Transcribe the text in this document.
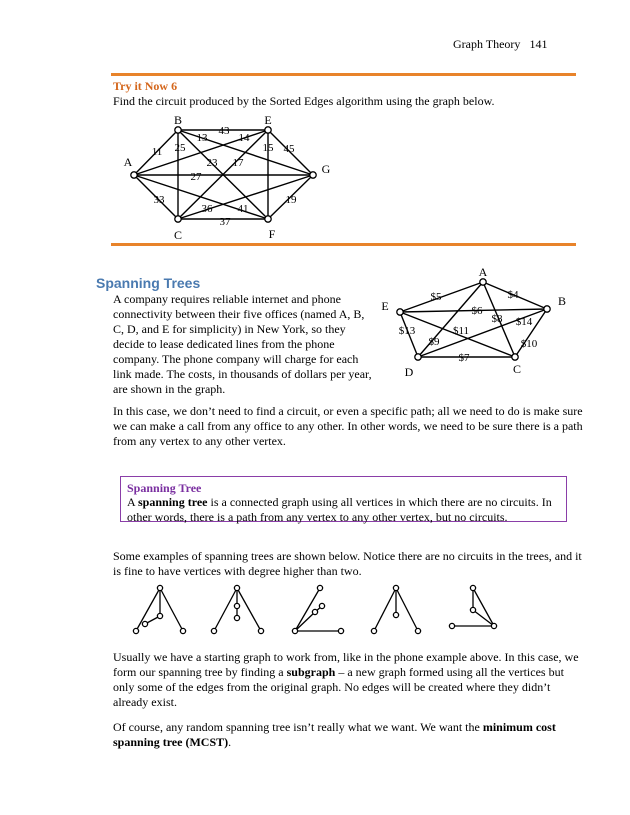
Graph Theory 141
Try it Now 6
Find the circuit produced by the Sorted Edges algorithm using the graph below.
11
33
13
41
27
43
25
23
14
17
15 45
37
36
19
A
B
C
E
F
G
Spanning Trees
A company requires reliable internet and phone connectivity between their five offices (named A, B, C, D, and E for simplicity) in New York, so they decide to lease dedicated lines from the phone company. The phone company will charge for each link made. The costs, in thousands of dollars per year, are shown in the graph.
$5	$4
$8
$11
$6
$9
$13
$14
$10
$7
A
B
C
D
E
In this case, we don’t need to find a circuit, or even a specific path; all we need to do is make sure we can make a call from any office to any other. In other words, we need to be sure there is a path from any vertex to any other vertex.
Spanning Tree
A spanning tree is a connected graph using all vertices in which there are no circuits. In other words, there is a path from any vertex to any other vertex, but no circuits.
Some examples of spanning trees are shown below. Notice there are no circuits in the trees, and it is fine to have vertices with degree higher than two.
Usually we have a starting graph to work from, like in the phone example above. In this case, we form our spanning tree by finding a subgraph – a new graph formed using all the vertices but only some of the edges from the original graph. No edges will be created where they didn’t already exist.
Of course, any random spanning tree isn’t really what we want. We want the minimum cost spanning tree (MCST).
